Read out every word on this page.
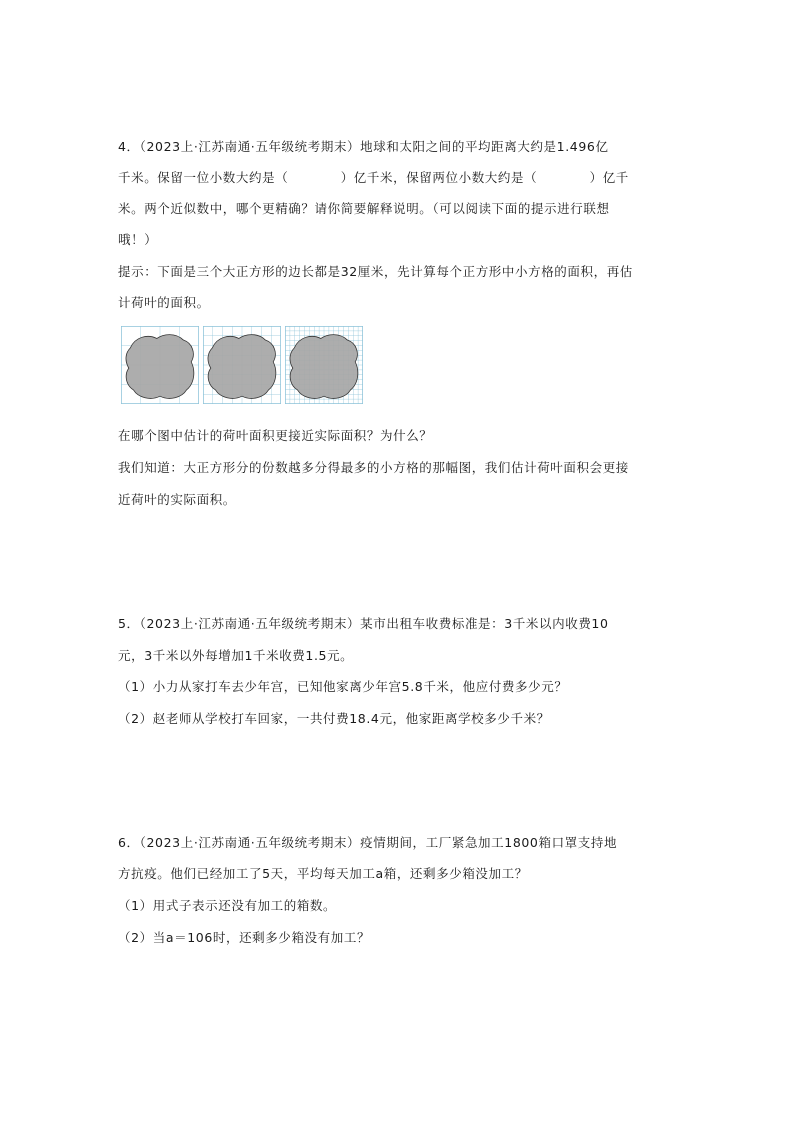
4．（2023上·江苏南通·五年级统考期末）地球和太阳之间的平均距离大约是1.496亿
千米。保留一位小数大约是（　　　　）亿千米，保留两位小数大约是（　　　　）亿千
米。两个近似数中，哪个更精确？请你简要解释说明。（可以阅读下面的提示进行联想
哦！）
提示：下面是三个大正方形的边长都是32厘米，先计算每个正方形中小方格的面积，再估
计荷叶的面积。
在哪个图中估计的荷叶面积更接近实际面积？为什么？
我们知道：大正方形分的份数越多分得最多的小方格的那幅图，我们估计荷叶面积会更接
近荷叶的实际面积。
5．（2023上·江苏南通·五年级统考期末）某市出租车收费标准是：3千米以内收费10
元，3千米以外每增加1千米收费1.5元。
（1）小力从家打车去少年宫，已知他家离少年宫5.8千米，他应付费多少元？
（2）赵老师从学校打车回家，一共付费18.4元，他家距离学校多少千米？
6．（2023上·江苏南通·五年级统考期末）疫情期间，工厂紧急加工1800箱口罩支持地
方抗疫。他们已经加工了5天，平均每天加工a箱，还剩多少箱没加工？
（1）用式子表示还没有加工的箱数。
（2）当a＝106时，还剩多少箱没有加工？
